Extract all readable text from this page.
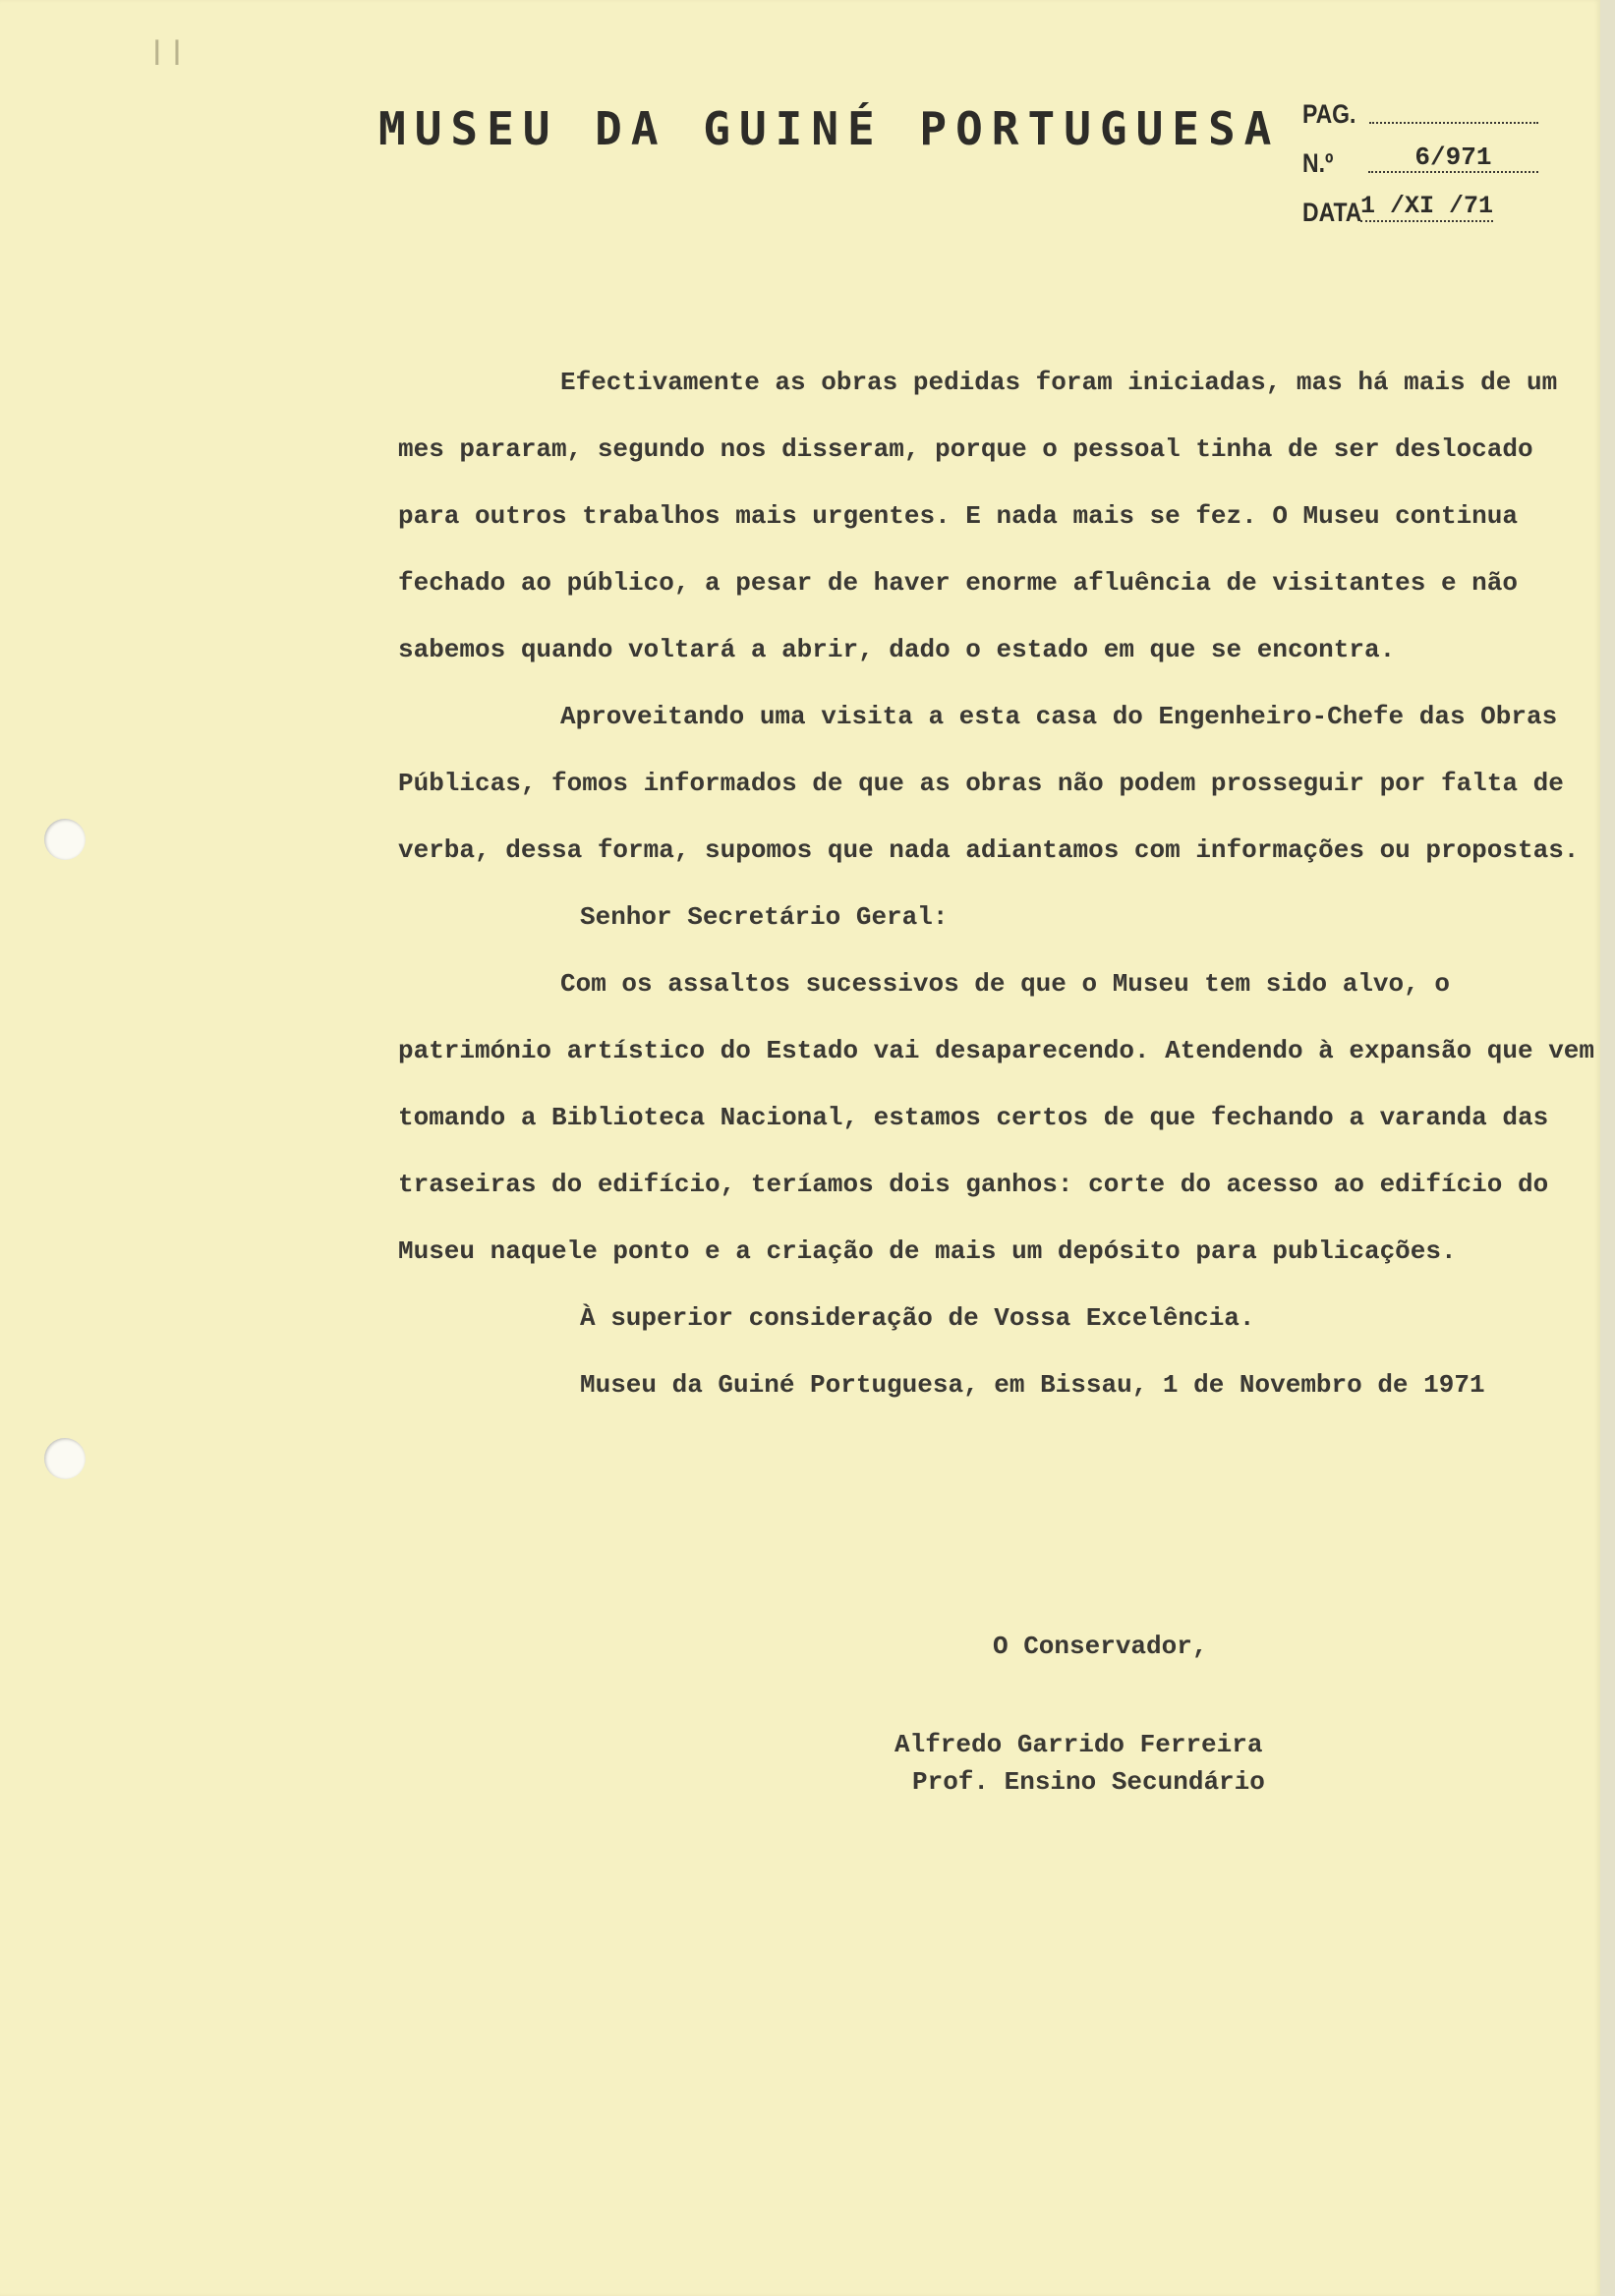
ꞁ ꞁ
MUSEU DA GUINÉ PORTUGUESA PAG.
N.º	6/971
DATA
1 /XI /71

Efectivamente as obras pedidas foram iniciadas, mas há mais de um mes pararam, segundo nos disseram, porque o pessoal tinha de ser deslocado para outros trabalhos mais urgentes. E nada mais se fez. O Museu continua fechado ao público, a pesar de haver enorme afluência de visitantes e não sabemos quando voltará a abrir, dado o estado em que se encontra.

Aproveitando uma visita a esta casa do Engenheiro-Chefe das Obras Públicas, fomos informados de que as obras não podem prosseguir por falta de verba, dessa forma, supomos que nada adiantamos com informações ou propostas.

Senhor Secretário Geral:

Com os assaltos sucessivos de que o Museu tem sido alvo, o património artístico do Estado vai desaparecendo. Atendendo à expansão que vem tomando a Biblioteca Nacional, estamos certos de que fechando a varanda das traseiras do edifício, teríamos dois ganhos: corte do acesso ao edifício do Museu naquele ponto e a criação de mais um depósito para publicações.

À superior consideração de Vossa Excelência.

Museu da Guiné Portuguesa, em Bissau, 1 de Novembro de 1971

O Conservador,
Alfredo Garrido Ferreira
Prof. Ensino Secundário
